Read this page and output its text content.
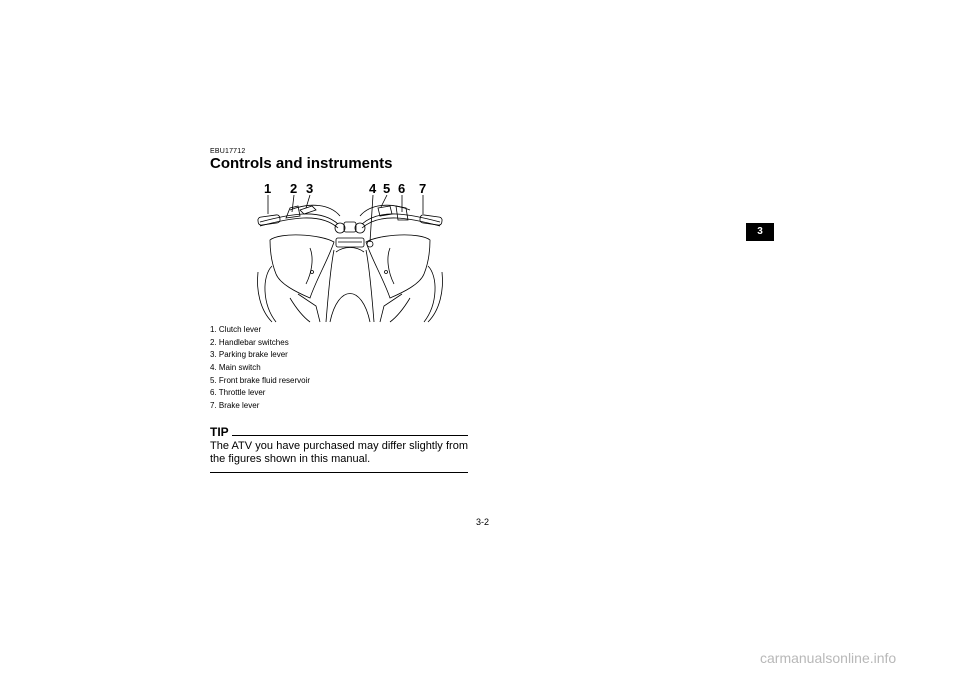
EBU17712
Controls and instruments
1 2 3	4 5 6 7
1. Clutch lever
2. Handlebar switches
3. Parking brake lever
4. Main switch
5. Front brake fluid reservoir
6. Throttle lever
7. Brake lever
TIP
The ATV you have purchased may differ slightly from the figures shown in this manual.
3-2
3
carmanualsonline.info
